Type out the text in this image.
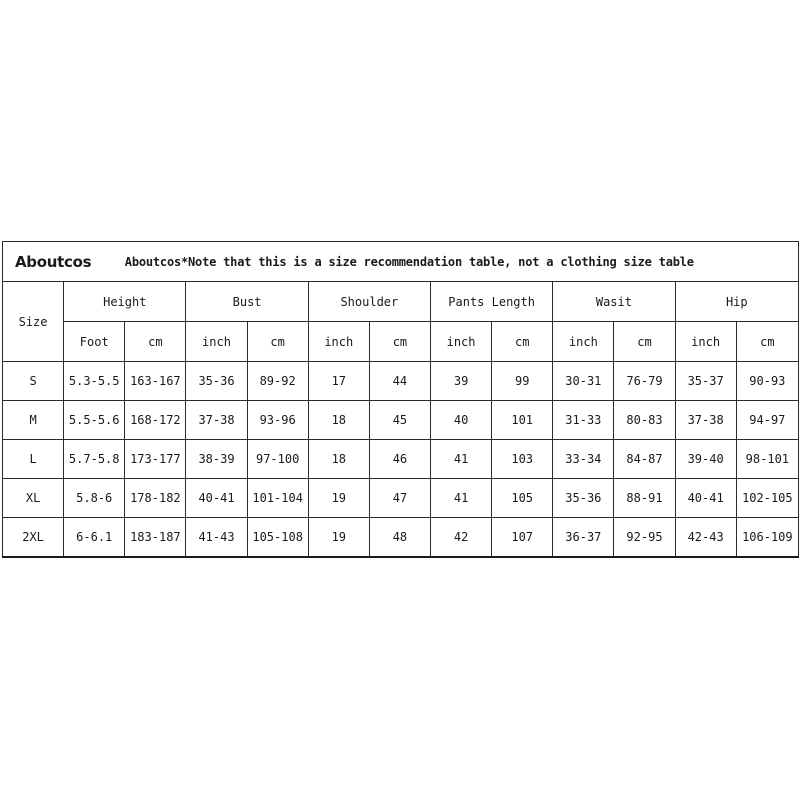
Aboutcos		Aboutcos*Note that this is a size recommendation table, not a clothing size table										
Size	Height		Bust		Shoulder		Pants Length		Wasit		Hip	
	Foot	cm	inch	cm	inch	cm	inch	cm	inch	cm	inch	cm
S	5.3-5.5	163-167	35-36	89-92	17	44	39	99	30-31	76-79	35-37	90-93
M	5.5-5.6	168-172	37-38	93-96	18	45	40	101	31-33	80-83	37-38	94-97
L	5.7-5.8	173-177	38-39	97-100	18	46	41	103	33-34	84-87	39-40	98-101
XL	5.8-6	178-182	40-41	101-104	19	47	41	105	35-36	88-91	40-41	102-105
2XL	6-6.1	183-187	41-43	105-108	19	48	42	107	36-37	92-95	42-43	106-109
